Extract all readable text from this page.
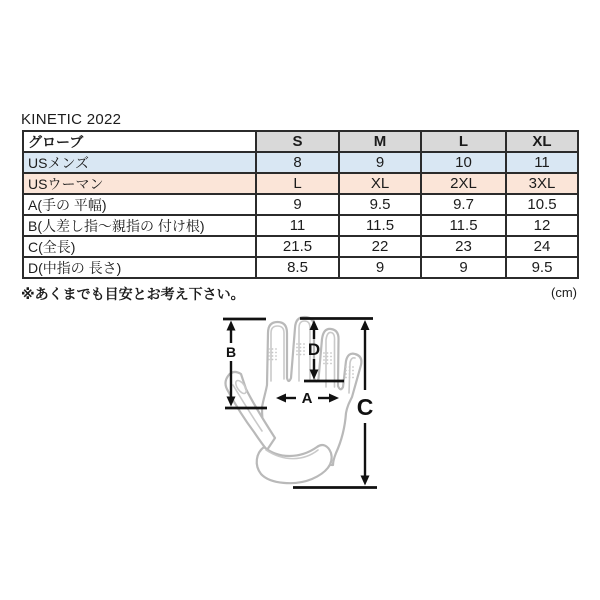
KINETIC 2022
グローブ	S	M	L	XL
USメンズ	8	9	10	11
USウーマン	L	XL	2XL	3XL
A(手の 平幅)	9	9.5	9.7	10.5
B(人差し指～親指の 付け根)	11	11.5	11.5	12
C(全長)	21.5	22	23	24
D(中指の 長さ)	8.5	9	9	9.5
※あくまでも目安とお考え下さい。	(cm)
B	D
A C
